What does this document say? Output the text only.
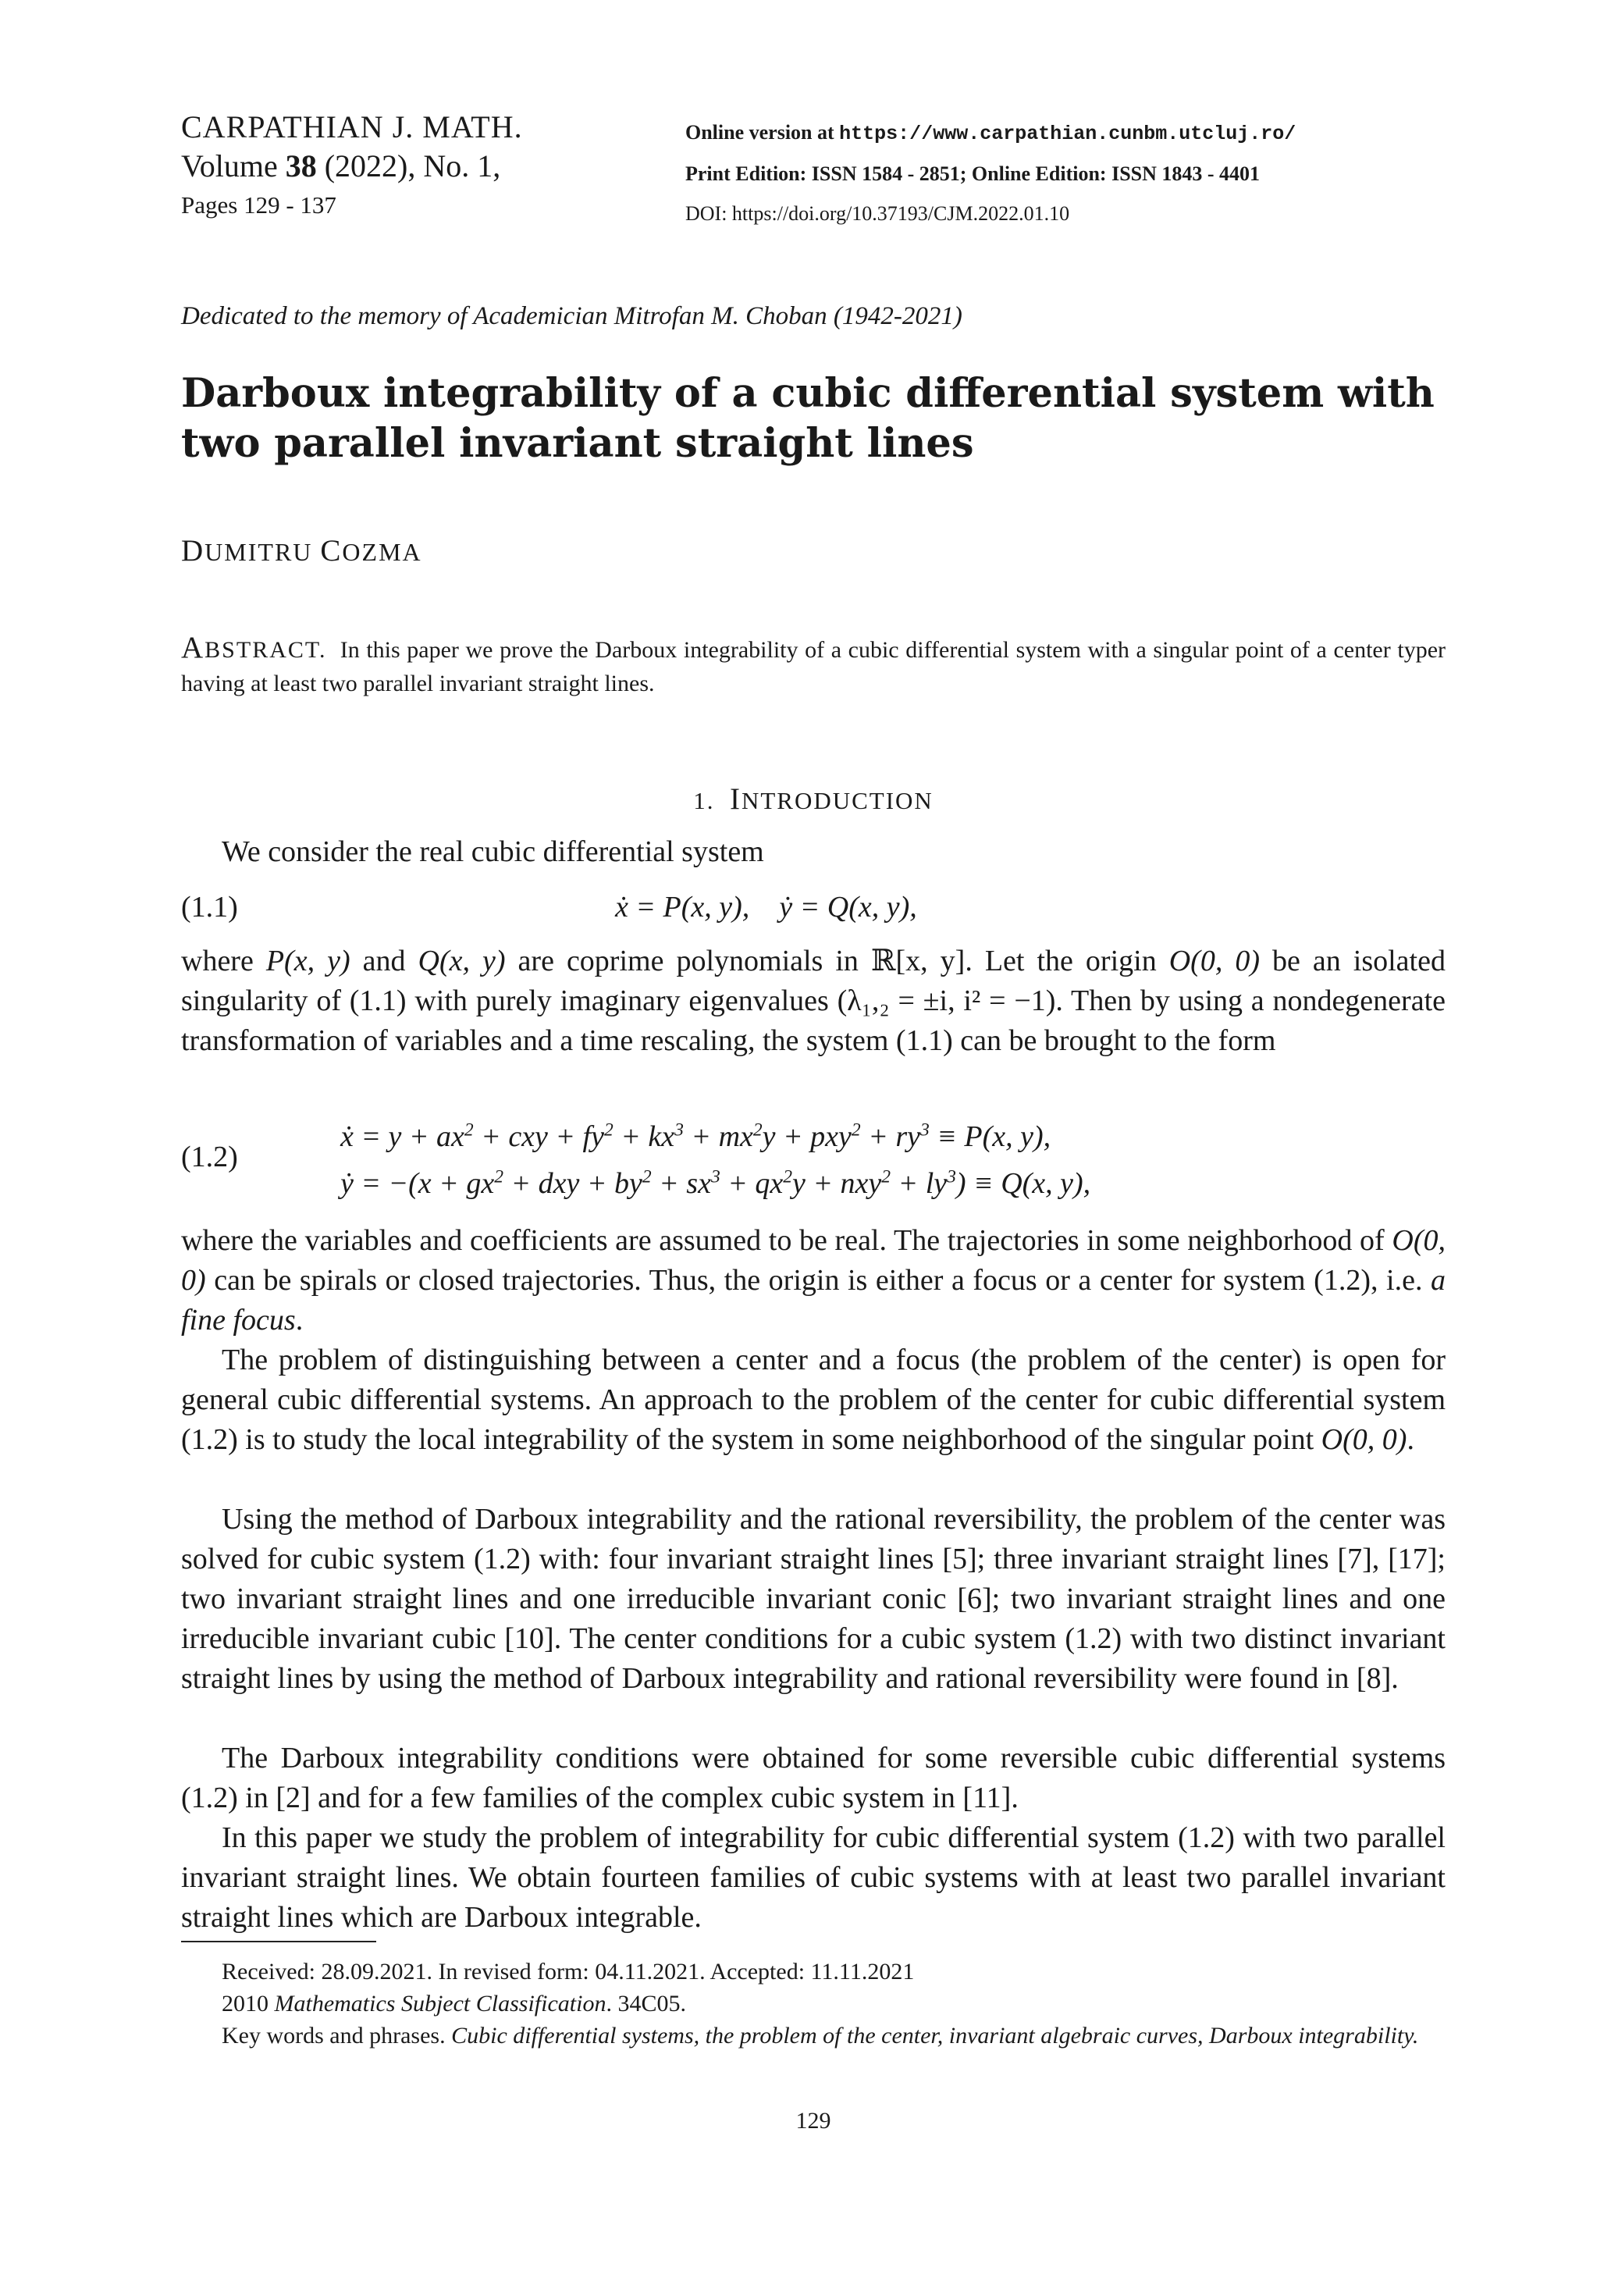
CARPATHIAN J. MATH.
Volume 38 (2022), No. 1,
Pages 129 - 137
Online version at https://www.carpathian.cunbm.utcluj.ro/
Print Edition: ISSN 1584 - 2851; Online Edition: ISSN 1843 - 4401
DOI: https://doi.org/10.37193/CJM.2022.01.10
Dedicated to the memory of Academician Mitrofan M. Choban (1942-2021)
Darboux integrability of a cubic differential system with
two parallel invariant straight lines
DUMITRU COZMA
ABSTRACT. In this paper we prove the Darboux integrability of a cubic differential system with a singular point of a center typer having at least two parallel invariant straight lines.
1. INTRODUCTION
We consider the real cubic differential system
(1.1)	ẋ = P(x, y),    ẏ = Q(x, y),
where P(x, y) and Q(x, y) are coprime polynomials in ℝ[x, y]. Let the origin O(0, 0) be an isolated singularity of (1.1) with purely imaginary eigenvalues (λ₁,₂ = ±i, i² = −1). Then by using a nondegenerate transformation of variables and a time rescaling, the system (1.1) can be brought to the form
(1.2)
ẋ = $y + ax^2$ + cxy + $fy^2 + kx^3 + mx^2y + pxy^2 + ry^3 \equiv P(x$, y),
ẏ = $-(x + gx^2$ + dxy + $by^2 + sx^3 + qx^2y + nxy^2 + ly^3) \equiv Q(x$, y),
where the variables and coefficients are assumed to be real. The trajectories in some neighborhood of O(0, 0) can be spirals or closed trajectories. Thus, the origin is either a focus or a center for system (1.2), i.e. a fine focus.
The problem of distinguishing between a center and a focus (the problem of the center) is open for general cubic differential systems. An approach to the problem of the center for cubic differential system (1.2) is to study the local integrability of the system in some neighborhood of the singular point O(0, 0).
Using the method of Darboux integrability and the rational reversibility, the problem of the center was solved for cubic system (1.2) with: four invariant straight lines [5]; three invariant straight lines [7], [17]; two invariant straight lines and one irreducible invariant conic [6]; two invariant straight lines and one irreducible invariant cubic [10]. The center conditions for a cubic system (1.2) with two distinct invariant straight lines by using the method of Darboux integrability and rational reversibility were found in [8].
The Darboux integrability conditions were obtained for some reversible cubic differential systems (1.2) in [2] and for a few families of the complex cubic system in [11].
In this paper we study the problem of integrability for cubic differential system (1.2) with two parallel invariant straight lines. We obtain fourteen families of cubic systems with at least two parallel invariant straight lines which are Darboux integrable.
Received: 28.09.2021. In revised form: 04.11.2021. Accepted: 11.11.2021
2010 Mathematics Subject Classification. 34C05.
Key words and phrases. Cubic differential systems, the problem of the center, invariant algebraic curves, Darboux integrability.
129
